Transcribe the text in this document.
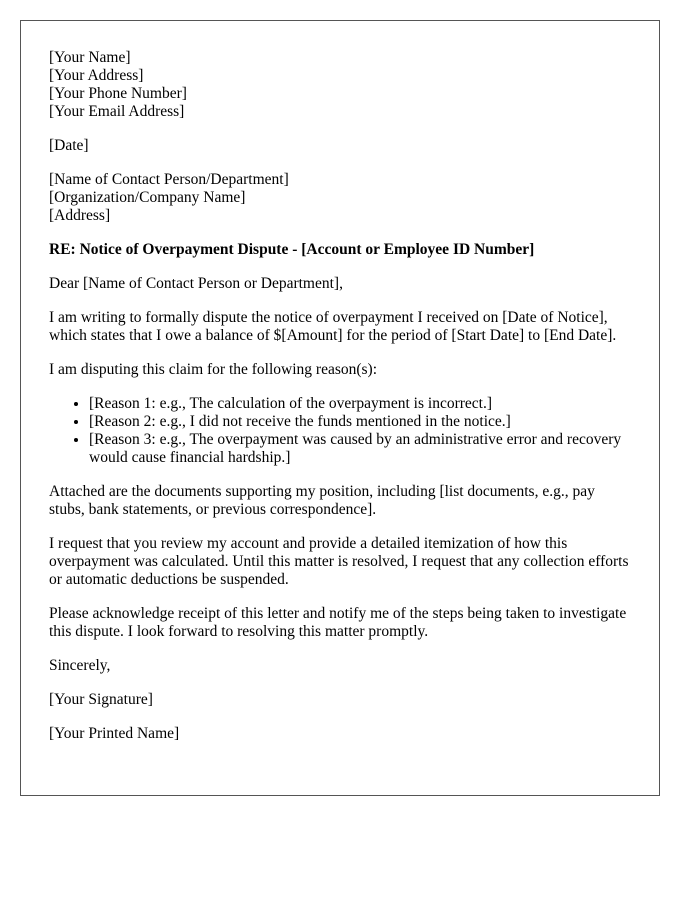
[Your Name]
[Your Address]
[Your Phone Number]
[Your Email Address]
[Date]
[Name of Contact Person/Department]
[Organization/Company Name]
[Address]
RE: Notice of Overpayment Dispute - [Account or Employee ID Number]

Dear [Name of Contact Person or Department],

I am writing to formally dispute the notice of overpayment I received on [Date of Notice], which states that I owe a balance of $[Amount] for the period of [Start Date] to [End Date].

I am disputing this claim for the following reason(s):

• [Reason 1: e.g., The calculation of the overpayment is incorrect.]
• [Reason 2: e.g., I did not receive the funds mentioned in the notice.]
• [Reason 3: e.g., The overpayment was caused by an administrative error and recovery would cause financial hardship.]

Attached are the documents supporting my position, including [list documents, e.g., pay stubs, bank statements, or previous correspondence].

I request that you review my account and provide a detailed itemization of how this overpayment was calculated. Until this matter is resolved, I request that any collection efforts or automatic deductions be suspended.

Please acknowledge receipt of this letter and notify me of the steps being taken to investigate this dispute. I look forward to resolving this matter promptly.

Sincerely,

[Your Signature]

[Your Printed Name]
